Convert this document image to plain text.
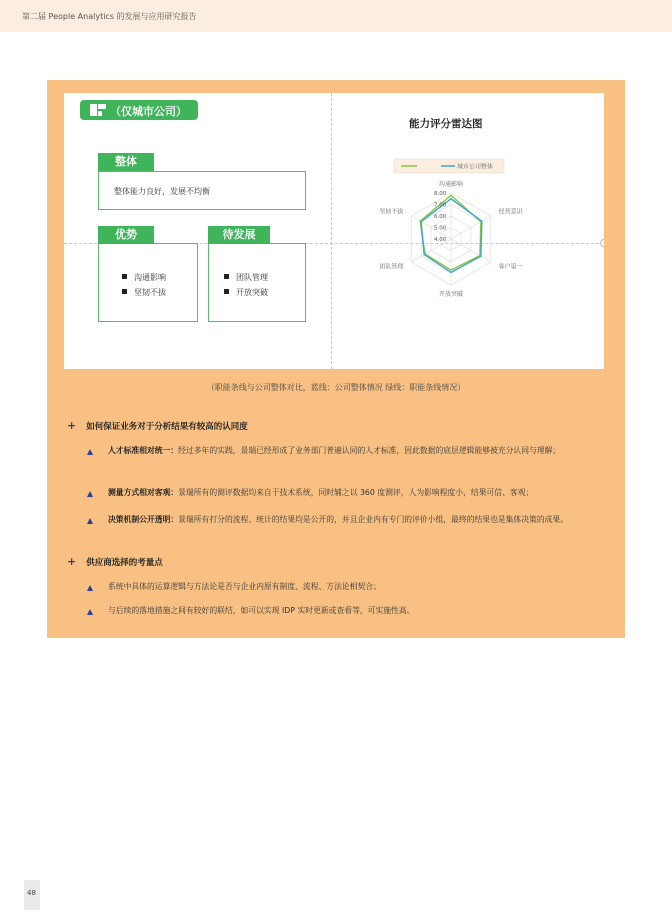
第二届 People Analytics 的发展与应用研究报告
（仅城市公司）
整体
整体能力良好，发展不均衡
优势
沟通影响
坚韧不拔
待发展
团队管理
开放突破
能力评分雷达图
城市公司整体
8.00
7.00
6.00
5.00
4.00
沟通影响
经营意识
客户第一
开放突破
团队管理
坚韧不拔
（职能条线与公司整体对比，蓝线：公司整体情况 绿线：职能条线情况）
+ 如何保证业务对于分析结果有较高的认同度
人才标准相对统一：经过多年的实践，景瑞已经形成了业务部门普遍认同的人才标准，因此数据的底层逻辑能够被充分认同与理解；
测量方式相对客观：景瑞所有的测评数据均来自于技术系统，同时辅之以 360 度测评，人为影响程度小，结果可信、客观；
决策机制公开透明：景瑞所有打分的流程、统计的结果均是公开的，并且企业内有专门的评价小组，最终的结果也是集体决策的成果。
+ 供应商选择的考量点
系统中具体的运算逻辑与方法论是否与企业内原有制度、流程、方法论相契合；
与后续的落地措施之间有较好的联结，如可以实现 IDP 实时更新或查看等，可实施性高。
48
